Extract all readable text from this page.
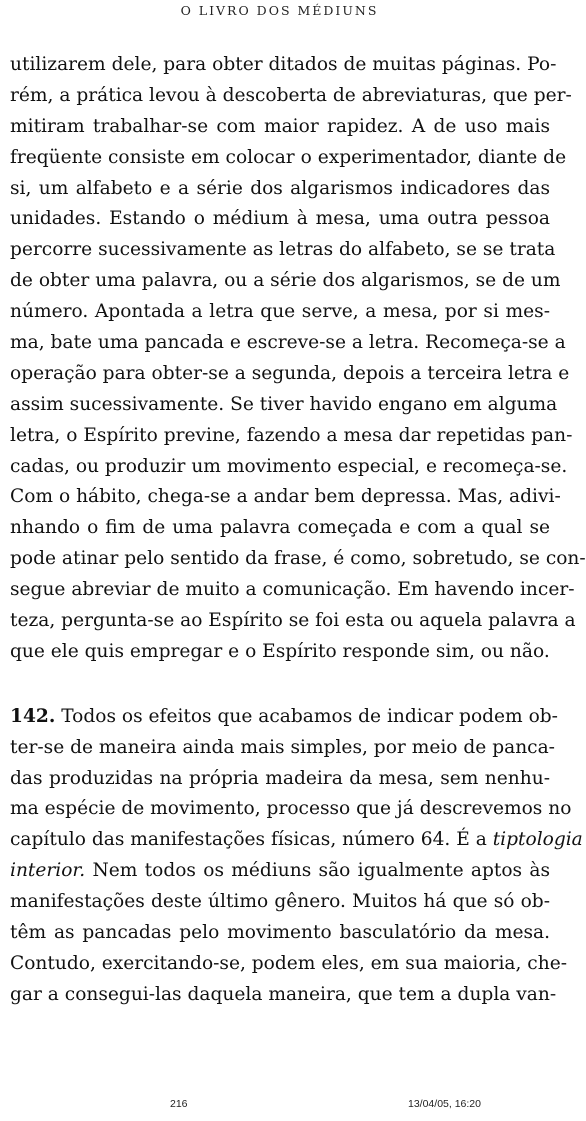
O LIVRO DOS MÉDIUNS
utilizarem dele, para obter ditados de muitas páginas. Po-
rém, a prática levou à descoberta de abreviaturas, que per-
mitiram trabalhar-se com maior rapidez. A de uso mais
freqüente consiste em colocar o experimentador, diante de
si, um alfabeto e a série dos algarismos indicadores das
unidades. Estando o médium à mesa, uma outra pessoa
percorre sucessivamente as letras do alfabeto, se se trata
de obter uma palavra, ou a série dos algarismos, se de um
número. Apontada a letra que serve, a mesa, por si mes-
ma, bate uma pancada e escreve-se a letra. Recomeça-se a
operação para obter-se a segunda, depois a terceira letra e
assim sucessivamente. Se tiver havido engano em alguma
letra, o Espírito previne, fazendo a mesa dar repetidas pan-
cadas, ou produzir um movimento especial, e recomeça-se.
Com o hábito, chega-se a andar bem depressa. Mas, adivi-
nhando o fim de uma palavra começada e com a qual se
pode atinar pelo sentido da frase, é como, sobretudo, se con-
segue abreviar de muito a comunicação. Em havendo incer-
teza, pergunta-se ao Espírito se foi esta ou aquela palavra a
que ele quis empregar e o Espírito responde sim, ou não.
142. Todos os efeitos que acabamos de indicar podem ob-
ter-se de maneira ainda mais simples, por meio de panca-
das produzidas na própria madeira da mesa, sem nenhu-
ma espécie de movimento, processo que já descrevemos no
capítulo das manifestações físicas, número 64. É a tiptologia
interior. Nem todos os médiuns são igualmente aptos às
manifestações deste último gênero. Muitos há que só ob-
têm as pancadas pelo movimento basculatório da mesa.
Contudo, exercitando-se, podem eles, em sua maioria, che-
gar a consegui-las daquela maneira, que tem a dupla van-
216	13/04/05, 16:20
